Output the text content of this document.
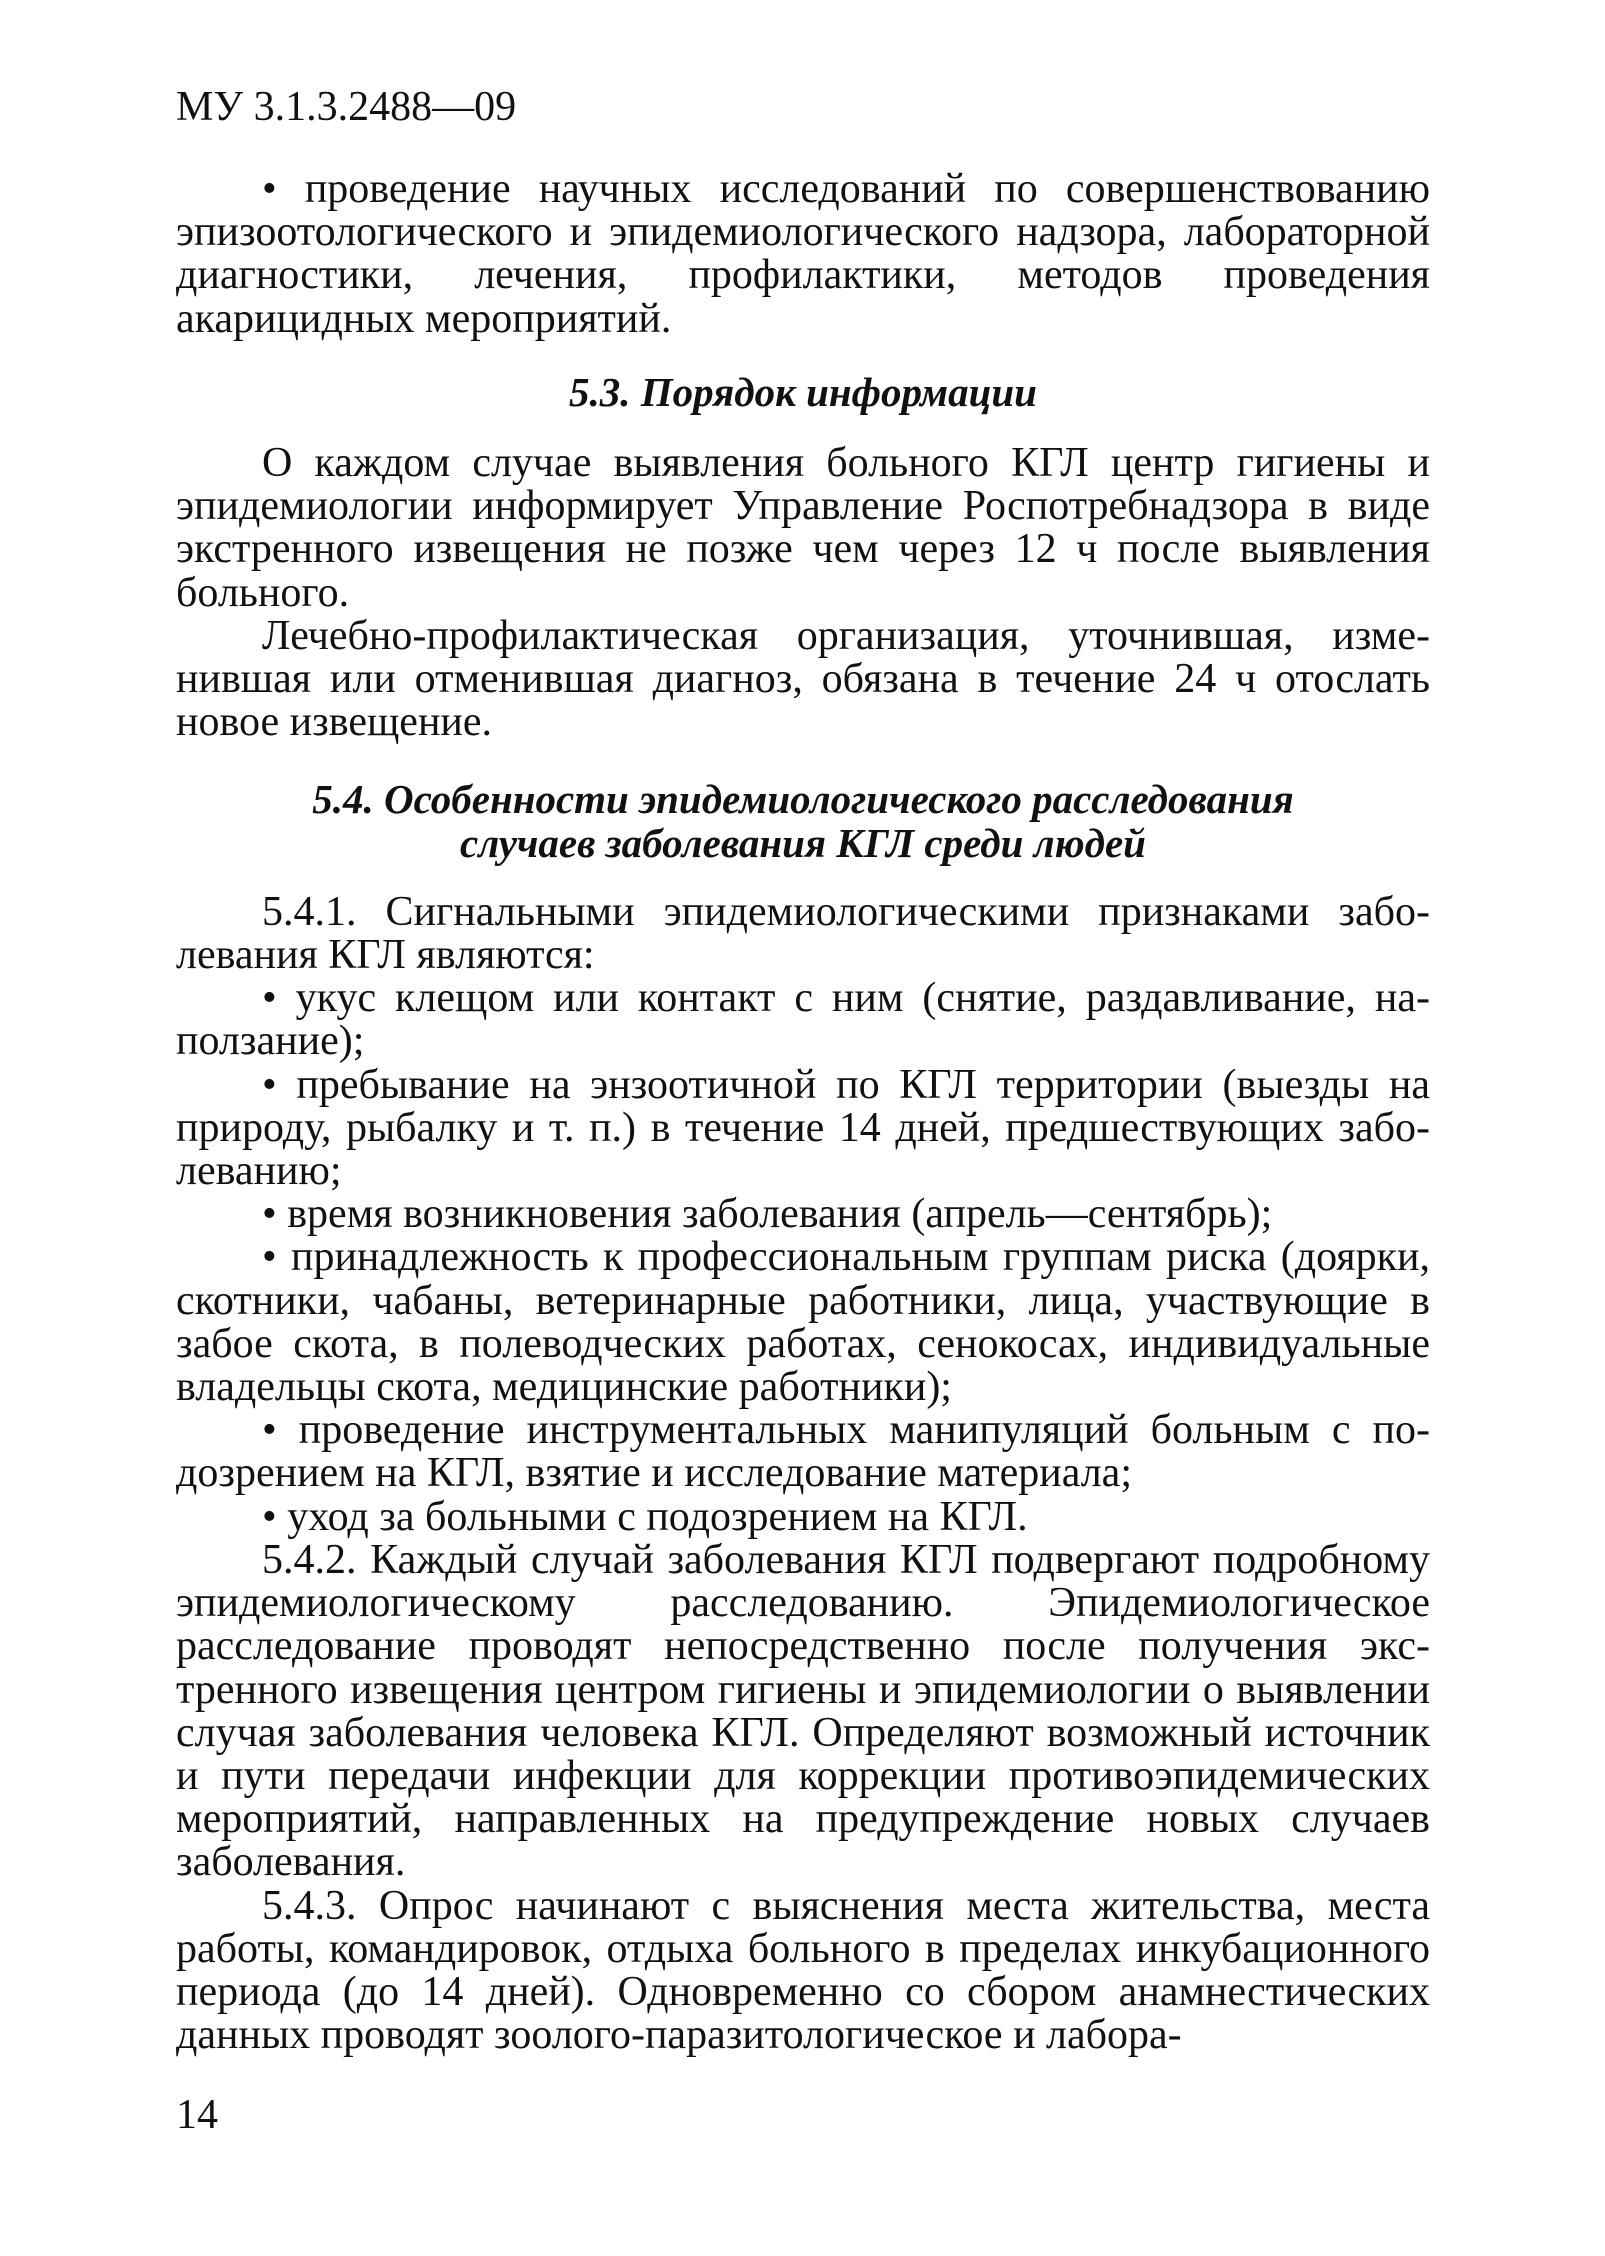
МУ 3.1.3.2488—09

• проведение научных исследований по совершенствованию эпизоотологического и эпидемиологического надзора, лабораторной диагностики, лечения, профилактики, методов проведения акарицидных мероприятий.

5.3. Порядок информации

О каждом случае выявления больного КГЛ центр гигиены и эпидемиологии информирует Управление Роспотребнадзора в виде экстренного извещения не позже чем через 12 ч после выявления больного.

Лечебно-профилактическая организация, уточнившая, изменившая или отменившая диагноз, обязана в течение 24 ч отослать новое извещение.

5.4. Особенности эпидемиологического расследования
случаев заболевания КГЛ среди людей

5.4.1. Сигнальными эпидемиологическими признаками заболевания КГЛ являются:

• укус клещом или контакт с ним (снятие, раздавливание, наползание);

• пребывание на энзоотичной по КГЛ территории (выезды на природу, рыбалку и т. п.) в течение 14 дней, предшествующих заболеванию;

• время возникновения заболевания (апрель—сентябрь);

• принадлежность к профессиональным группам риска (доярки, скотники, чабаны, ветеринарные работники, лица, участвующие в забое скота, в полеводческих работах, сенокосах, индивидуальные владельцы скота, медицинские работники);

• проведение инструментальных манипуляций больным с подозрением на КГЛ, взятие и исследование материала;

• уход за больными с подозрением на КГЛ.

5.4.2. Каждый случай заболевания КГЛ подвергают подробному эпидемиологическому расследованию. Эпидемиологическое расследование проводят непосредственно после получения экстренного извещения центром гигиены и эпидемиологии о выявлении случая заболевания человека КГЛ. Определяют возможный источник и пути передачи инфекции для коррекции противоэпидемических мероприятий, направленных на предупреждение новых случаев заболевания.

5.4.3. Опрос начинают с выяснения места жительства, места работы, командировок, отдыха больного в пределах инкубационного периода (до 14 дней). Одновременно со сбором анамнестических данных проводят зоолого-паразитологическое и лабора-

14
